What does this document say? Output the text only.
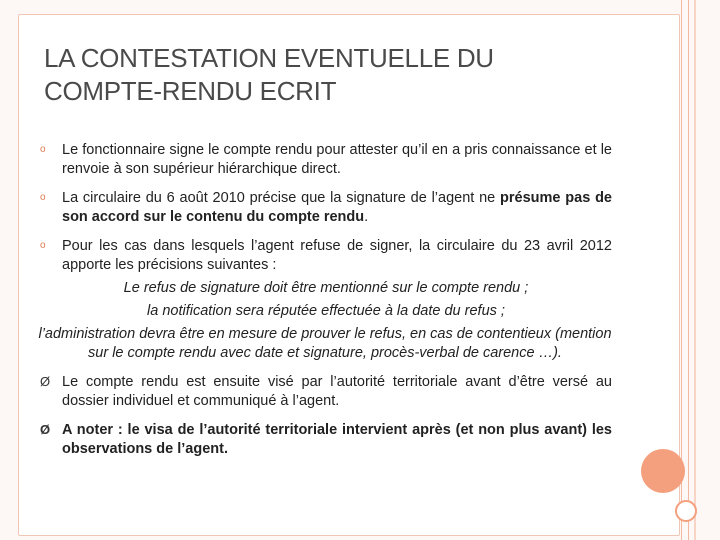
LA CONTESTATION EVENTUELLE DU COMPTE-RENDU ECRIT
o Le fonctionnaire signe le compte rendu pour attester qu’il en a pris connaissance et le renvoie à son supérieur hiérarchique direct.
o La circulaire du 6 août 2010 précise que la signature de l’agent ne présume pas de son accord sur le contenu du compte rendu.
o Pour les cas dans lesquels l’agent refuse de signer, la circulaire du 23 avril 2012 apporte les précisions suivantes :
Le refus de signature doit être mentionné sur le compte rendu ;
la notification sera réputée effectuée à la date du refus ;
l’administration devra être en mesure de prouver le refus, en cas de contentieux (mention sur le compte rendu avec date et signature, procès-verbal de carence …).
Ø Le compte rendu est ensuite visé par l’autorité territoriale avant d’être versé au dossier individuel et communiqué à l’agent.
Ø A noter : le visa de l’autorité territoriale intervient après (et non plus avant) les observations de l’agent.
